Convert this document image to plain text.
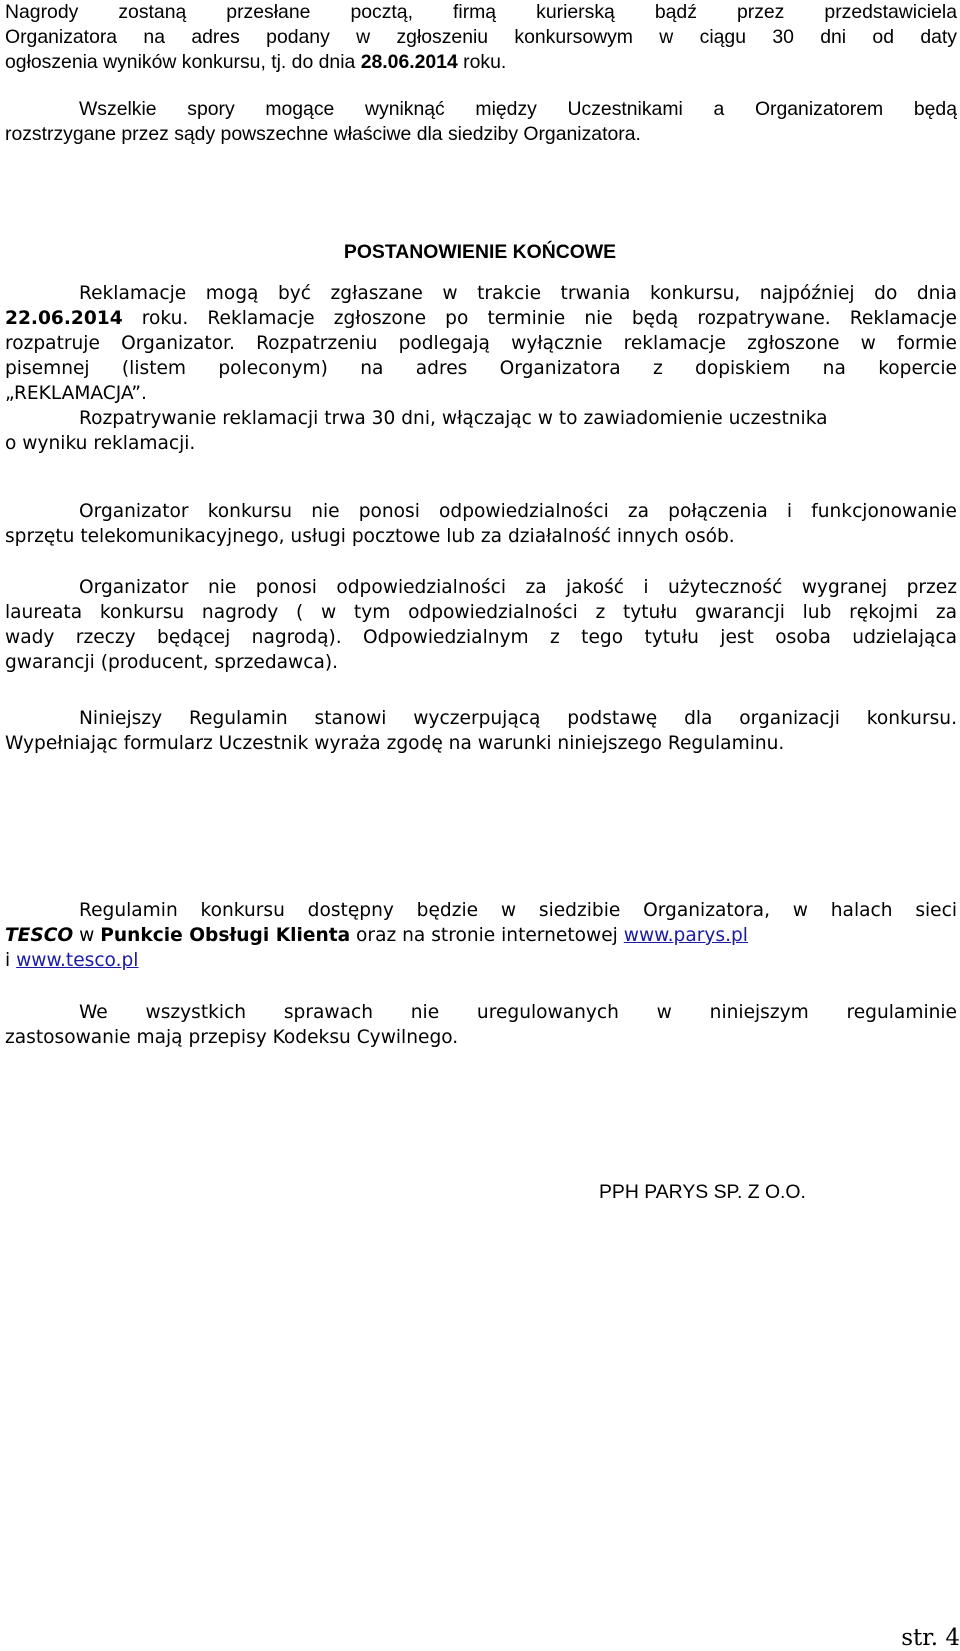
Nagrody zostaną przesłane pocztą, firmą kurierską bądź przez przedstawiciela
Organizatora na adres podany w zgłoszeniu konkursowym w ciągu 30 dni od daty
ogłoszenia wyników konkursu, tj. do dnia 28.06.2014 roku.
Wszelkie spory mogące wyniknąć między Uczestnikami a Organizatorem będą
rozstrzygane przez sądy powszechne właściwe dla siedziby Organizatora.
POSTANOWIENIE KOŃCOWE
Reklamacje mogą być zgłaszane w trakcie trwania konkursu, najpóźniej do dnia
22.06.2014 roku. Reklamacje zgłoszone po terminie nie będą rozpatrywane. Reklamacje
rozpatruje Organizator. Rozpatrzeniu podlegają wyłącznie reklamacje zgłoszone w formie
pisemnej (listem poleconym) na adres Organizatora z dopiskiem na kopercie
„REKLAMACJA”.
Rozpatrywanie reklamacji trwa 30 dni, włączając w to zawiadomienie uczestnika
o wyniku reklamacji.
Organizator konkursu nie ponosi odpowiedzialności za połączenia i funkcjonowanie
sprzętu telekomunikacyjnego, usługi pocztowe lub za działalność innych osób.
Organizator nie ponosi odpowiedzialności za jakość i użyteczność wygranej przez
laureata konkursu nagrody ( w tym odpowiedzialności z tytułu gwarancji lub rękojmi za
wady rzeczy będącej nagrodą). Odpowiedzialnym z tego tytułu jest osoba udzielająca
gwarancji (producent, sprzedawca).
Niniejszy Regulamin stanowi wyczerpującą podstawę dla organizacji konkursu.
Wypełniając formularz Uczestnik wyraża zgodę na warunki niniejszego Regulaminu.
Regulamin konkursu dostępny będzie w siedzibie Organizatora, w halach sieci
TESCO w Punkcie Obsługi Klienta oraz na stronie internetowej www.parys.pl
i www.tesco.pl
We wszystkich sprawach nie uregulowanych w niniejszym regulaminie
zastosowanie mają przepisy Kodeksu Cywilnego.

PPH PARYS SP. Z O.O.

str. 4
